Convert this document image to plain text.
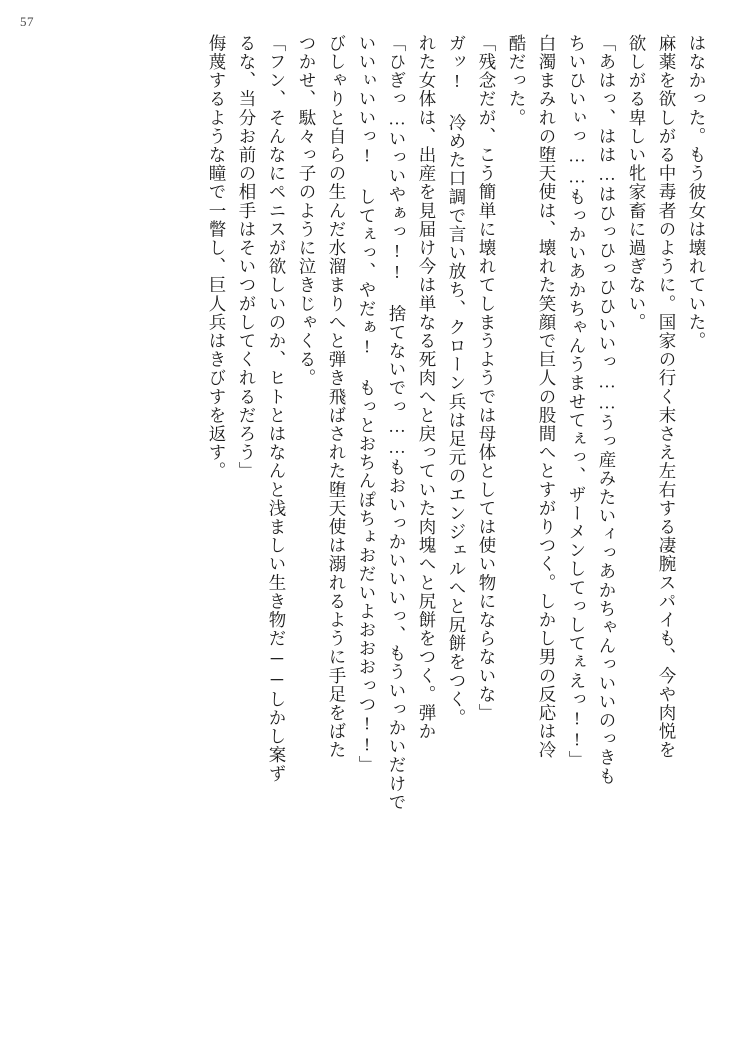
57
はなかった。もう彼女は壊れていた。
麻薬を欲しがる中毒者のように。国家の行く末さえ左右する凄腕スパイも、今や肉悦を
欲しがる卑しい牝家畜に過ぎない。
「あはっ、はは…はひっひっひひいいっ……うっ産みたいィっあかちゃんっいいのっきも
ちいひいぃっ……もっかいあかちゃんうませてぇっ、ザーメンしてっしてぇえっ!!」
白濁まみれの堕天使は、壊れた笑顔で巨人の股間へとすがりつく。しかし男の反応は冷
酷だった。
「残念だが、こう簡単に壊れてしまうようでは母体としては使い物にならないな」
ガッ! 冷めた口調で言い放ち、クローン兵は足元のエンジェルへと尻餅をつく。
れた女体は、出産を見届け今は単なる死肉へと戻っていた肉塊へと尻餅をつく。弾か
「ひぎっ…いっいやぁっ!! 捨てないでっ……もおいっかいいいっ、もういっかいだけで
いいぃいいっ! してぇっ、やだぁ! もっとおちんぽちょおだいよおおおっつ!!」
びしゃりと自らの生んだ水溜まりへと弾き飛ばされた堕天使は溺れるように手足をばた
つかせ、駄々っ子のように泣きじゃくる。
「フン、そんなにペニスが欲しいのか、ヒトとはなんと浅ましい生き物だ──しかし案ず
るな、当分お前の相手はそいつがしてくれるだろう」
侮蔑するような瞳で一瞥し、巨人兵はきびすを返す。
